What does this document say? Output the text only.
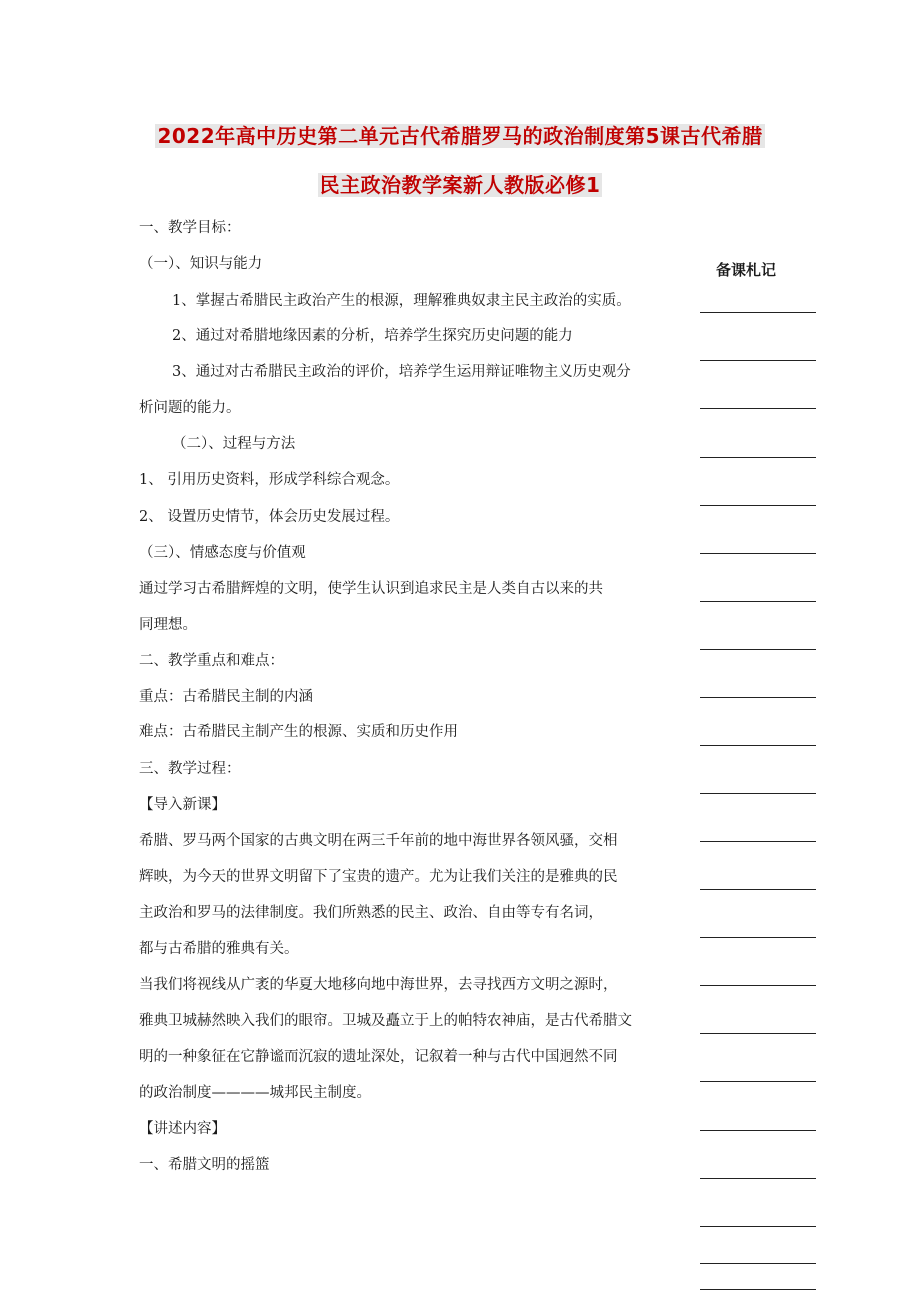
2022年高中历史第二单元古代希腊罗马的政治制度第5课古代希腊
民主政治教学案新人教版必修1
备课札记

一、教学目标：

（一）、知识与能力

1、掌握古希腊民主政治产生的根源，理解雅典奴隶主民主政治的实质。

2、通过对希腊地缘因素的分析，培养学生探究历史问题的能力

3、通过对古希腊民主政治的评价，培养学生运用辩证唯物主义历史观分

析问题的能力。

（二）、过程与方法

1、 引用历史资料，形成学科综合观念。

2、 设置历史情节，体会历史发展过程。

（三）、情感态度与价值观

通过学习古希腊辉煌的文明，使学生认识到追求民主是人类自古以来的共

同理想。

二、教学重点和难点：

重点：古希腊民主制的内涵

难点：古希腊民主制产生的根源、实质和历史作用

三、教学过程：

【导入新课】

希腊、罗马两个国家的古典文明在两三千年前的地中海世界各领风骚，交相

辉映，为今天的世界文明留下了宝贵的遗产。尤为让我们关注的是雅典的民

主政治和罗马的法律制度。我们所熟悉的民主、政治、自由等专有名词，

都与古希腊的雅典有关。

当我们将视线从广袤的华夏大地移向地中海世界，去寻找西方文明之源时，

雅典卫城赫然映入我们的眼帘。卫城及矗立于上的帕特农神庙，是古代希腊文

明的一种象征在它静谧而沉寂的遗址深处，记叙着一种与古代中国迥然不同

的政治制度————城邦民主制度。

【讲述内容】

一、希腊文明的摇篮
